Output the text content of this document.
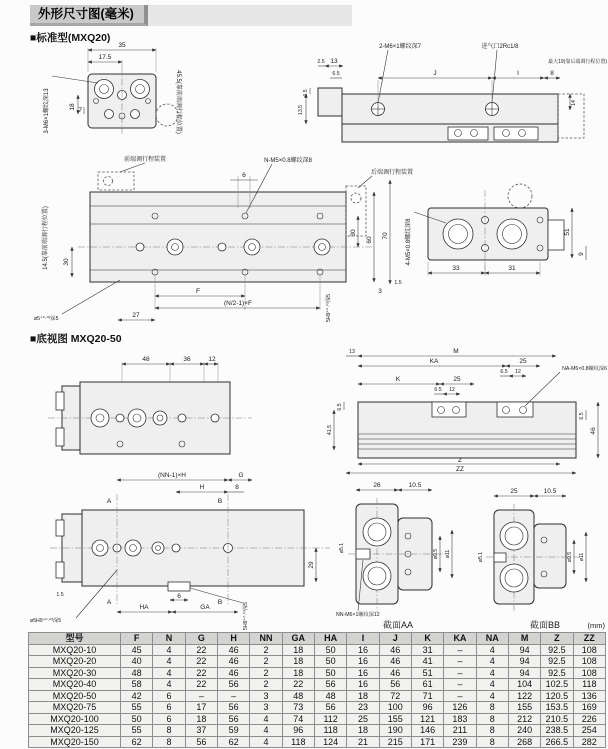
外形尺寸图(毫米)
■标准型(MXQ20)
35
17.5
18 7
3-M6×1螺纹深13	45.5(靠前端调行程位置)
2-M6×1螺纹深7	进气口2Rc1/8
最大19(靠后端调行程位置)
2.5 13
6.5	J	I	8
6.5
13.5
14
前端调行程装置	N-M5×0.8螺纹深8
后端调行程装置
6
14.5(靠前端调行程位置) 30
F
(N/2-1)×F
27
ø5⁺⁰·⁰³深5	5H9⁺⁰·⁰³深5
30
60
70
3
1.5
4-M5×0.8螺纹深8
33	31
51
9
■底视图 MXQ20-50
48	36	12
13	M
KA	25
6.5 12
K	25
6.5 12
NA-M6×0.8螺纹深6
6.5
41.5
6.5
46
Z
ZZ
(NN-1)×H	G
H	8
A	B
A	B
6
HA	GA
29
1.5
ø5H9⁺⁰·⁰³深5	5H9⁺⁰·⁰³深5
26	10.5
ø5.1
ø9.5 ø11
NN-M6×1螺纹深12
截面AA
25	10.5
ø5.1	ø9.5 ø11
截面BB	(mm)
型号	F	N	G	H	NN	GA	HA	I	J	K	KA	NA	M	Z	ZZ
MXQ20-10	45	4	22	46	2	18	50	16	46	31	–	4	94	92.5	108
MXQ20-20	40	4	22	46	2	18	50	16	46	41	–	4	94	92.5	108
MXQ20-30	48	4	22	46	2	18	50	16	46	51	–	4	94	92.5	108
MXQ20-40	58	4	22	56	2	22	56	16	56	61	–	4	104	102.5	118
MXQ20-50	42	6	–	–	3	48	48	18	72	71	–	4	122	120.5	136
MXQ20-75	55	6	17	56	3	73	56	23	100	96	126	8	155	153.5	169
MXQ20-100	50	6	18	56	4	74	112	25	155	121	183	8	212	210.5	226
MXQ20-125	55	8	37	59	4	96	118	18	190	146	211	8	240	238.5	254
MXQ20-150	62	8	56	62	4	118	124	21	215	171	239	8	268	266.5	282
